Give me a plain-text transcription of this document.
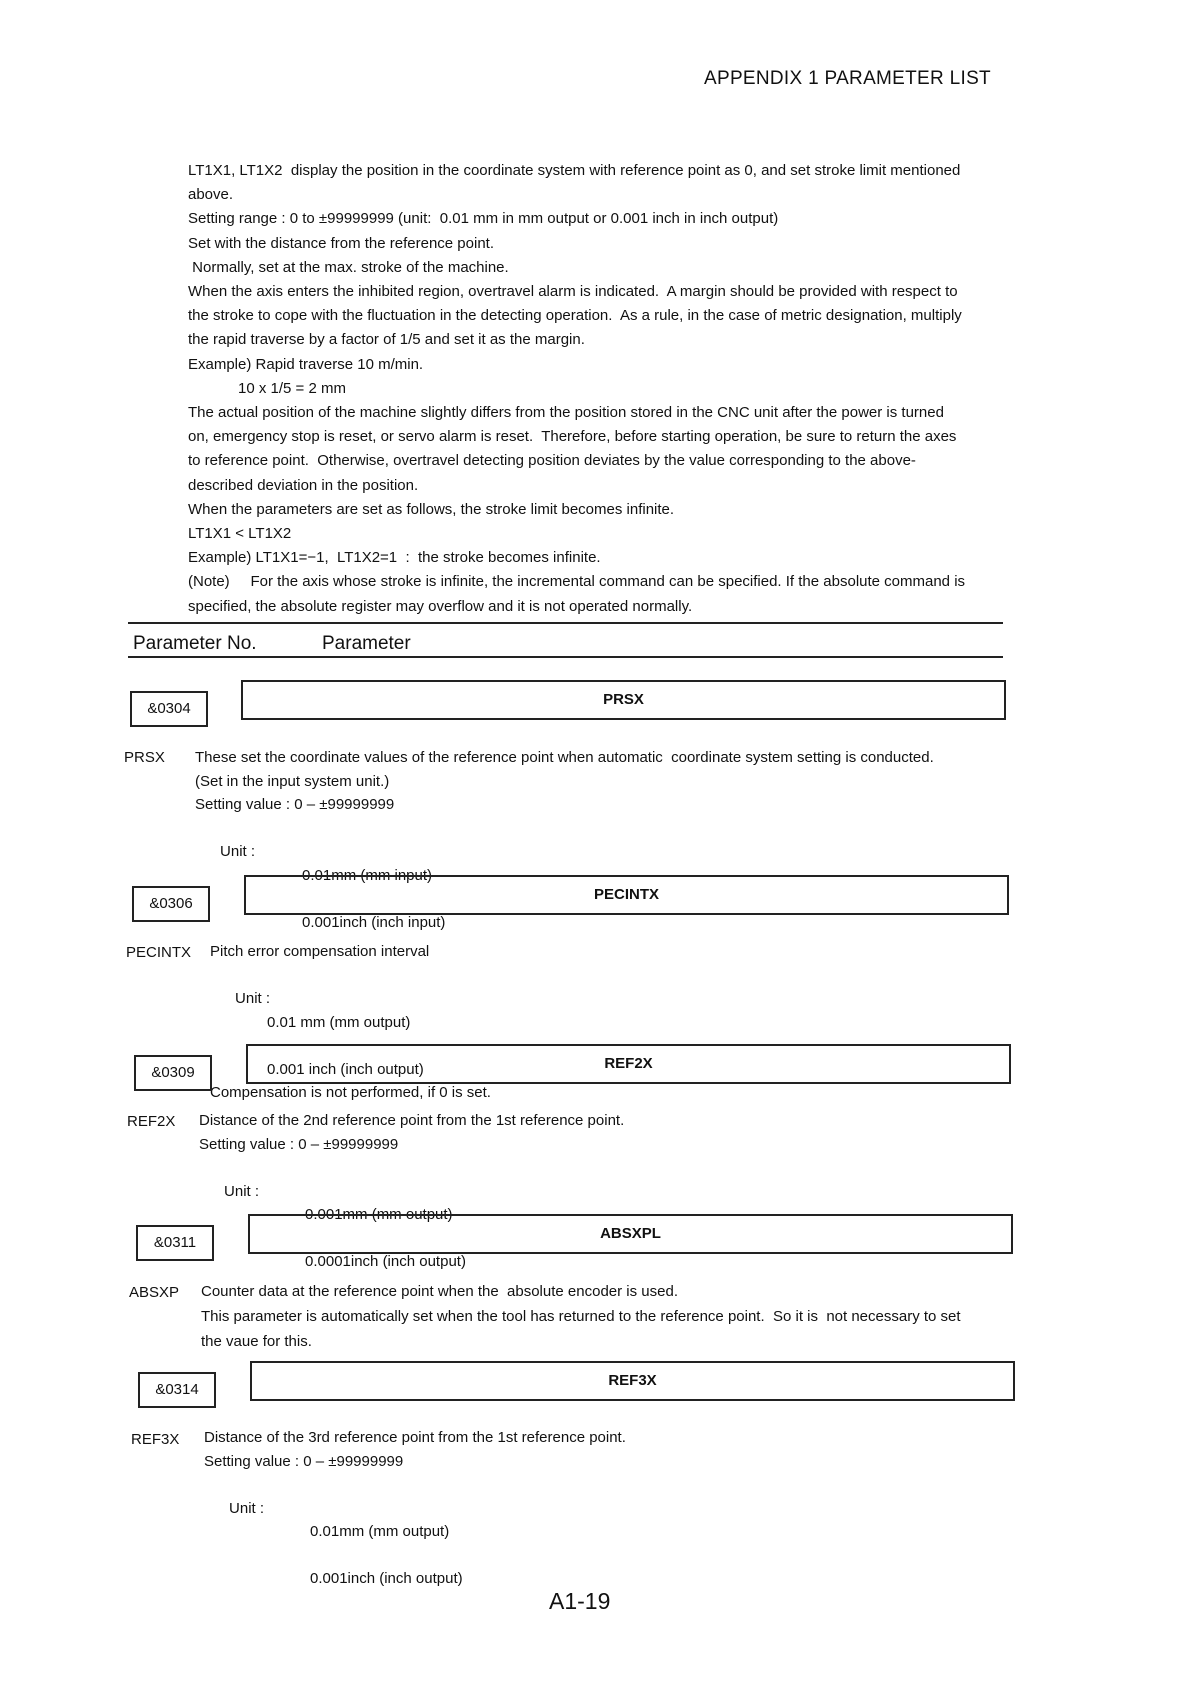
APPENDIX 1 PARAMETER LIST
LT1X1, LT1X2  display the position in the coordinate system with reference point as 0, and set stroke limit mentioned
above.
Setting range : 0 to ±99999999 (unit:  0.01 mm in mm output or 0.001 inch in inch output)
Set with the distance from the reference point.
Normally, set at the max. stroke of the machine.
When the axis enters the inhibited region, overtravel alarm is indicated.  A margin should be provided with respect to
the stroke to cope with the fluctuation in the detecting operation.  As a rule, in the case of metric designation, multiply
the rapid traverse by a factor of 1/5 and set it as the margin.
Example) Rapid traverse 10 m/min.
10 x 1/5 = 2 mm
The actual position of the machine slightly differs from the position stored in the CNC unit after the power is turned
on, emergency stop is reset, or servo alarm is reset.  Therefore, before starting operation, be sure to return the axes
to reference point.  Otherwise, overtravel detecting position deviates by the value corresponding to the above-
described deviation in the position.
When the parameters are set as follows, the stroke limit becomes infinite.
LT1X1 < LT1X2
Example) LT1X1=−1,  LT1X2=1  :  the stroke becomes infinite.
(Note)     For the axis whose stroke is infinite, the incremental command can be specified. If the absolute command is
specified, the absolute register may overflow and it is not operated normally.
Parameter No.	Parameter
&0304
PRSX
PRSX These set the coordinate values of the reference point when automatic  coordinate system setting is conducted.
(Set in the input system unit.)
Setting value : 0 – ±99999999

Unit :

0.01mm (mm input)

0.001inch (inch input)
&0306
PECINTX
PECINTX Pitch error compensation interval

Unit :

0.01 mm (mm output)

0.001 inch (inch output)
Compensation is not performed, if 0 is set.
&0309
REF2X
REF2X Distance of the 2nd reference point from the 1st reference point.
Setting value : 0 – ±99999999

Unit :

0.001mm (mm output)

0.0001inch (inch output)
&0311
ABSXPL
ABSXP Counter data at the reference point when the  absolute encoder is used.
This parameter is automatically set when the tool has returned to the reference point.  So it is  not necessary to set
the vaue for this.
&0314
REF3X
REF3X Distance of the 3rd reference point from the 1st reference point.
Setting value : 0 – ±99999999

Unit :

0.01mm (mm output)

0.001inch (inch output)
A1-19
